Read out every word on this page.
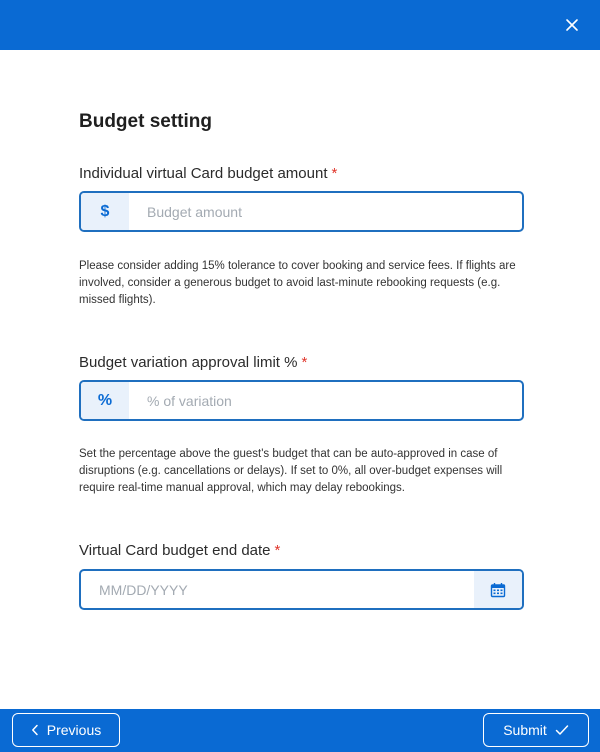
Budget setting
Individual virtual Card budget amount *
$
Budget amount
Please consider adding 15% tolerance to cover booking and service fees. If flights are involved, consider a generous budget to avoid last-minute rebooking requests (e.g. missed flights).
Budget variation approval limit % *
%
% of variation
Set the percentage above the guest's budget that can be auto-approved in case of disruptions (e.g. cancellations or delays). If set to 0%, all over-budget expenses will require real-time manual approval, which may delay rebookings.
Virtual Card budget end date *
MM/DD/YYYY
Previous	Submit
